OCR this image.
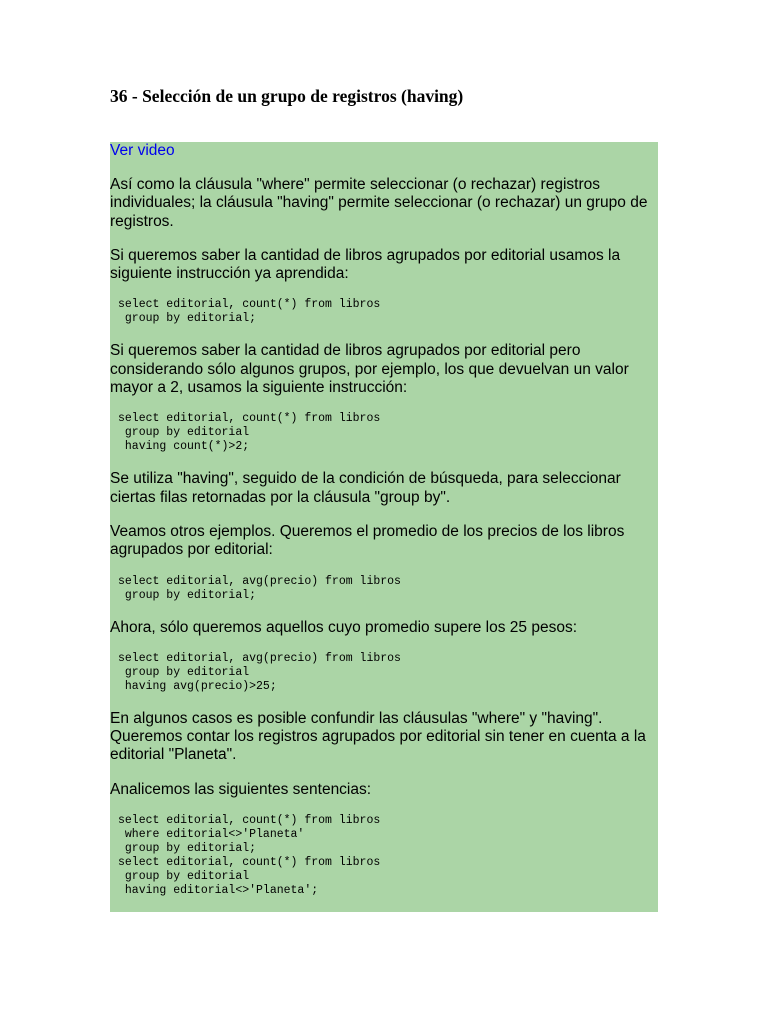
36 - Selección de un grupo de registros (having)

Ver video

Así como la cláusula "where" permite seleccionar (o rechazar) registros individuales; la cláusula "having" permite seleccionar (o rechazar) un grupo de registros.

Si queremos saber la cantidad de libros agrupados por editorial usamos la siguiente instrucción ya aprendida:

select editorial, count(*) from libros
group by editorial;

Si queremos saber la cantidad de libros agrupados por editorial pero considerando sólo algunos grupos, por ejemplo, los que devuelvan un valor mayor a 2, usamos la siguiente instrucción:

select editorial, count(*) from libros
group by editorial
having count(*)>2;

Se utiliza "having", seguido de la condición de búsqueda, para seleccionar ciertas filas retornadas por la cláusula "group by".

Veamos otros ejemplos. Queremos el promedio de los precios de los libros agrupados por editorial:

select editorial, avg(precio) from libros
group by editorial;

Ahora, sólo queremos aquellos cuyo promedio supere los 25 pesos:

select editorial, avg(precio) from libros
group by editorial
having avg(precio)>25;

En algunos casos es posible confundir las cláusulas "where" y "having". Queremos contar los registros agrupados por editorial sin tener en cuenta a la editorial "Planeta".

Analicemos las siguientes sentencias:

select editorial, count(*) from libros
where editorial<>'Planeta'
group by editorial;
select editorial, count(*) from libros
group by editorial
having editorial<>'Planeta';
